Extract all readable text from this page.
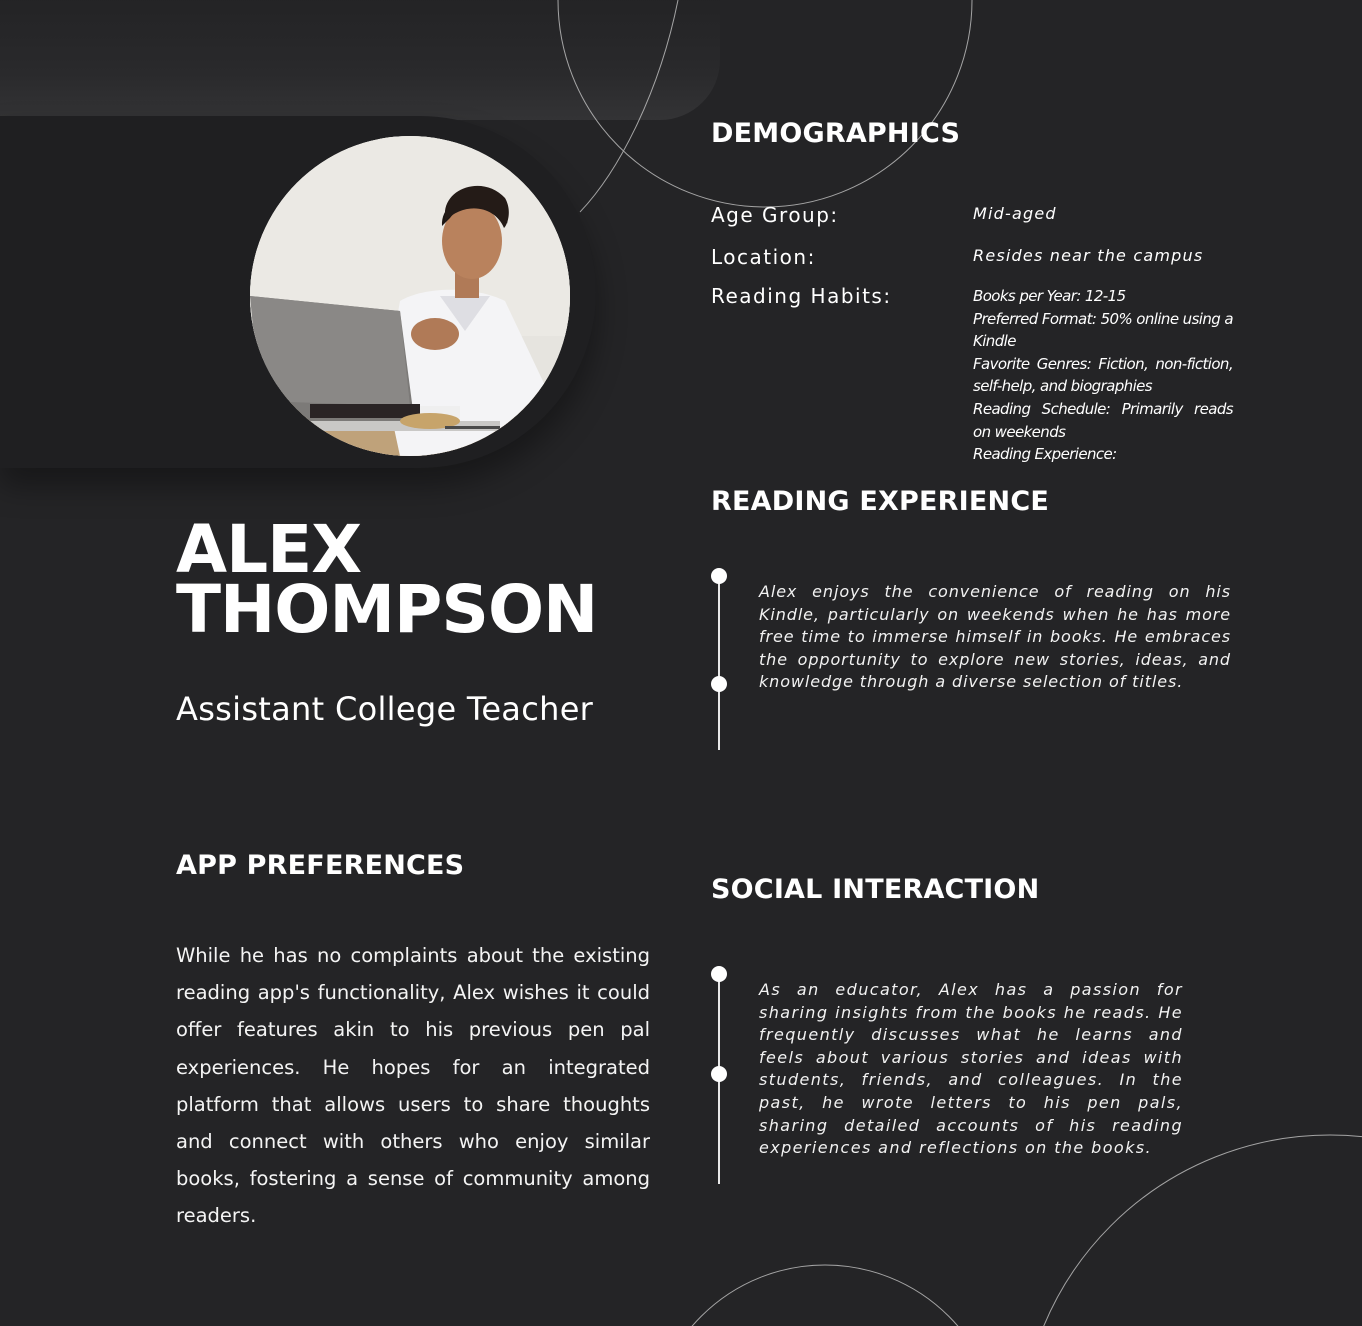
ALEX
THOMPSON

Assistant College Teacher

DEMOGRAPHICS
Age Group:	Mid-aged
Location:	Resides near the campus
Reading Habits:	Books per Year: 12-15
Preferred Format: 50% online using a Kindle
Favorite Genres: Fiction, non-fiction, self-help, and biographies
Reading Schedule: Primarily reads on weekends
Reading Experience:
READING EXPERIENCE

Alex enjoys the convenience of reading on his Kindle, particularly on weekends when he has more free time to immerse himself in books. He embraces the opportunity to explore new stories, ideas, and knowledge through a diverse selection of titles.

APP PREFERENCES

While he has no complaints about the existing reading app's functionality, Alex wishes it could offer features akin to his previous pen pal experiences. He hopes for an integrated platform that allows users to share thoughts and connect with others who enjoy similar books, fostering a sense of community among readers.

SOCIAL INTERACTION

As an educator, Alex has a passion for sharing insights from the books he reads. He frequently discusses what he learns and feels about various stories and ideas with students, friends, and colleagues. In the past, he wrote letters to his pen pals, sharing detailed accounts of his reading experiences and reflections on the books.
